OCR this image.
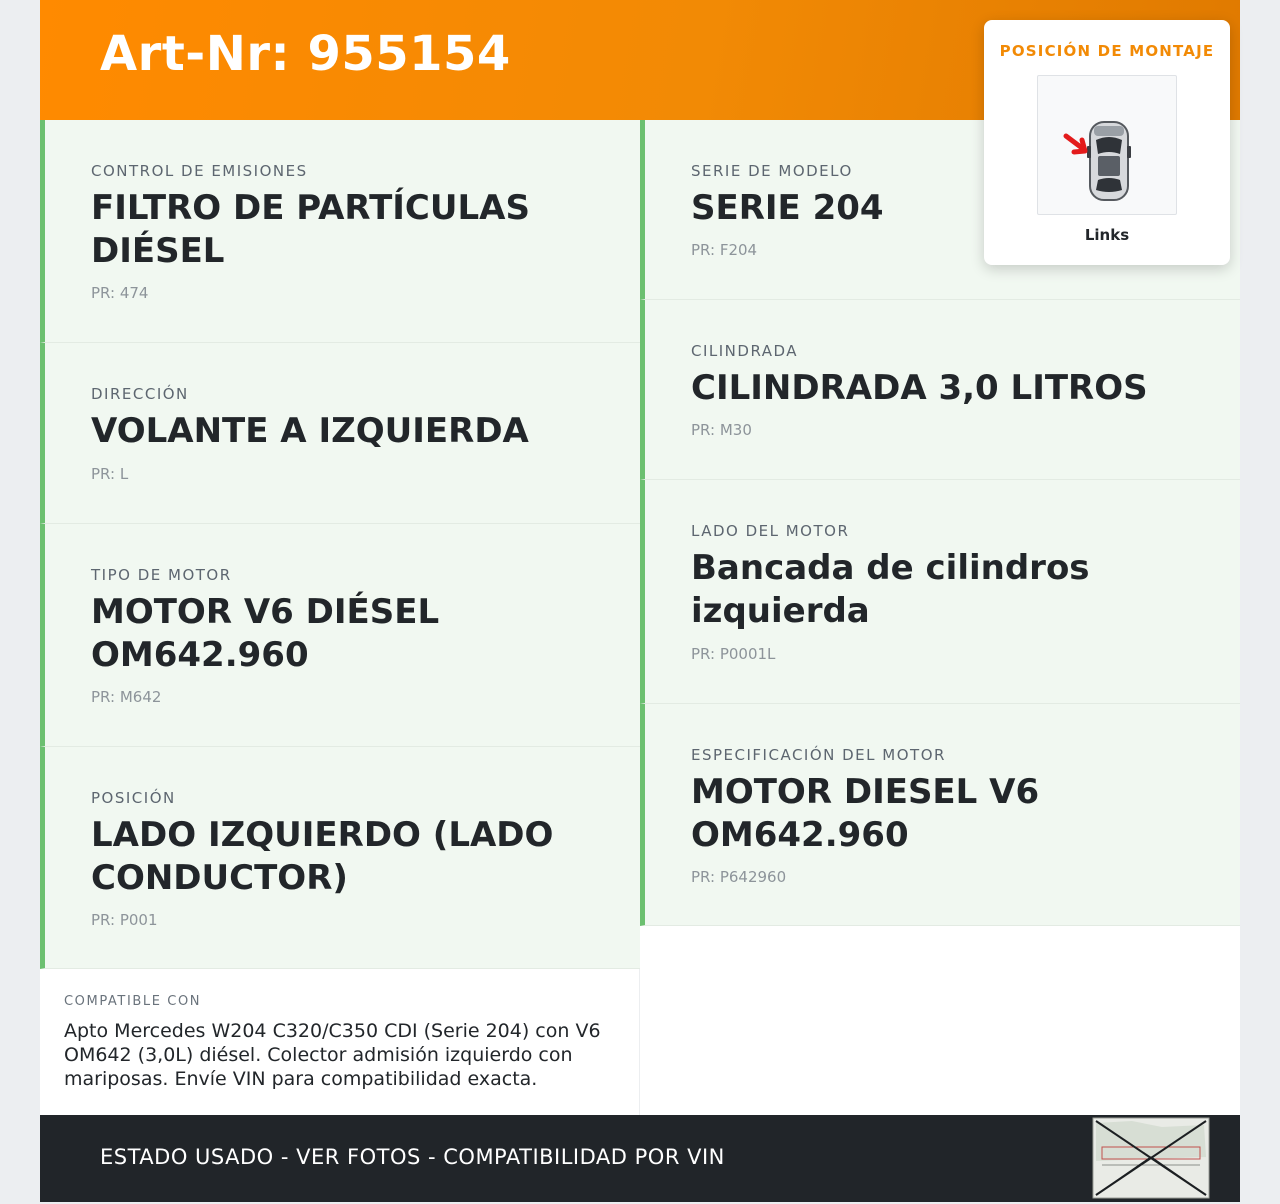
Art-Nr: 955154
CONTROL DE EMISIONES
FILTRO DE PARTÍCULAS DIÉSEL
PR: 474
DIRECCIÓN
VOLANTE A IZQUIERDA
PR: L
TIPO DE MOTOR
MOTOR V6 DIÉSEL OM642.960
PR: M642
POSICIÓN
LADO IZQUIERDO (LADO CONDUCTOR)
PR: P001
SERIE DE MODELO
SERIE 204
PR: F204
CILINDRADA
CILINDRADA 3,0 LITROS
PR: M30
LADO DEL MOTOR
Bancada de cilindros izquierda
PR: P0001L
ESPECIFICACIÓN DEL MOTOR
MOTOR DIESEL V6 OM642.960
PR: P642960
COMPATIBLE CON
Apto Mercedes W204 C320/C350 CDI (Serie 204) con V6 OM642 (3,0L) diésel. Colector admisión izquierdo con mariposas. Envíe VIN para compatibilidad exacta.
ESTADO USADO - VER FOTOS - COMPATIBILIDAD POR VIN
POSICIÓN DE MONTAJE
Links
